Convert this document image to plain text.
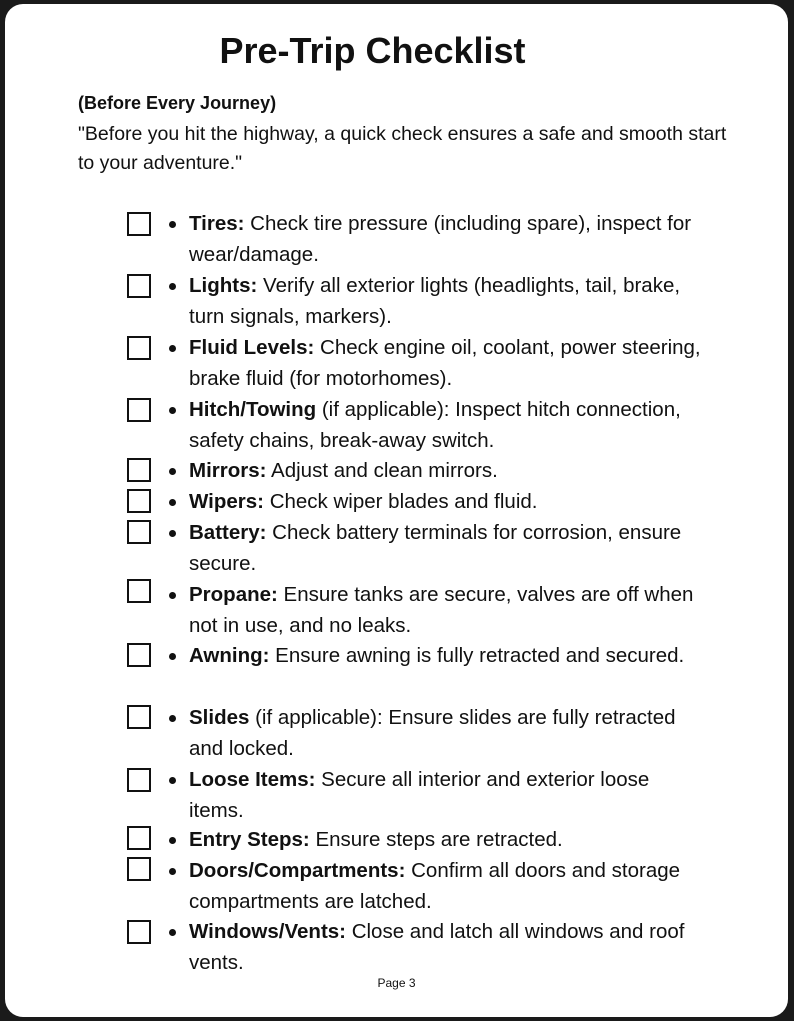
Pre-Trip Checklist

(Before Every Journey)

"Before you hit the highway, a quick check ensures a safe and smooth start to your adventure."

Tires: Check tire pressure (including spare), inspect for wear/damage.
Lights: Verify all exterior lights (headlights, tail, brake, turn signals, markers).
Fluid Levels: Check engine oil, coolant, power steering, brake fluid (for motorhomes).
Hitch/Towing (if applicable): Inspect hitch connection, safety chains, break-away switch.
Mirrors: Adjust and clean mirrors.
Wipers: Check wiper blades and fluid.
Battery: Check battery terminals for corrosion, ensure secure.
Propane: Ensure tanks are secure, valves are off when not in use, and no leaks.
Awning: Ensure awning is fully retracted and secured.
Slides (if applicable): Ensure slides are fully retracted and locked.
Loose Items: Secure all interior and exterior loose items.
Entry Steps: Ensure steps are retracted.
Doors/Compartments: Confirm all doors and storage compartments are latched.
Windows/Vents: Close and latch all windows and roof vents.
Page 3
